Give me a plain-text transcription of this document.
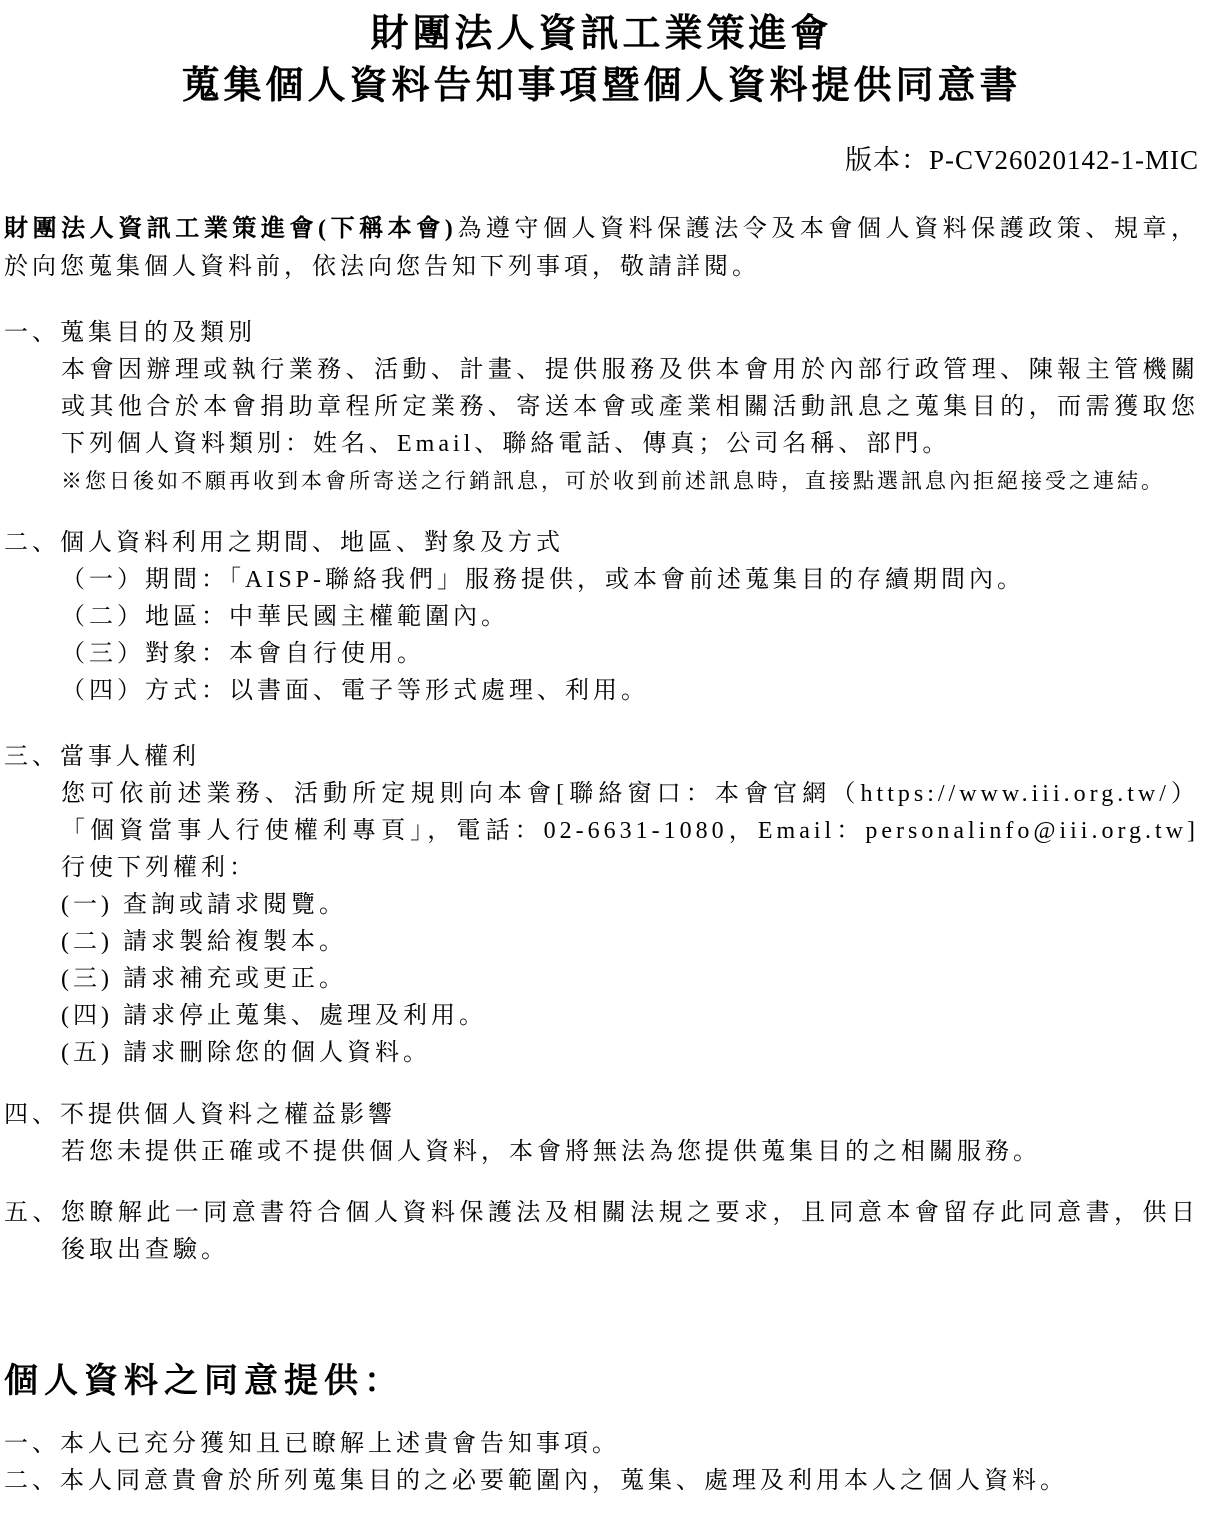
財團法人資訊工業策進會
蒐集個人資料告知事項暨個人資料提供同意書
版本：P-CV26020142-1-MIC

財團法人資訊工業策進會(下稱本會)為遵守個人資料保護法令及本會個人資料保護政策、規章，於向您蒐集個人資料前，依法向您告知下列事項，敬請詳閱。

一、蒐集目的及類別

本會因辦理或執行業務、活動、計畫、提供服務及供本會用於內部行政管理、陳報主管機關或其他合於本會捐助章程所定業務、寄送本會或產業相關活動訊息之蒐集目的，而需獲取您下列個人資料類別：姓名、Email、聯絡電話、傳真；公司名稱、部門。

※您日後如不願再收到本會所寄送之行銷訊息，可於收到前述訊息時，直接點選訊息內拒絕接受之連結。

二、個人資料利用之期間、地區、對象及方式
（一）期間：「AISP-聯絡我們」服務提供，或本會前述蒐集目的存續期間內。
（二）地區：中華民國主權範圍內。
（三）對象：本會自行使用。
（四）方式：以書面、電子等形式處理、利用。
三、當事人權利

您可依前述業務、活動所定規則向本會[聯絡窗口：本會官網（https://www.iii.org.tw/）「個資當事人行使權利專頁」，電話：02-6631-1080，Email：personalinfo@iii.org.tw]行使下列權利：

(一) 查詢或請求閱覽。
(二) 請求製給複製本。
(三) 請求補充或更正。
(四) 請求停止蒐集、處理及利用。
(五) 請求刪除您的個人資料。
四、不提供個人資料之權益影響

若您未提供正確或不提供個人資料，本會將無法為您提供蒐集目的之相關服務。

五、您瞭解此一同意書符合個人資料保護法及相關法規之要求，且同意本會留存此同意書，供日後取出查驗。

個人資料之同意提供：
一、本人已充分獲知且已瞭解上述貴會告知事項。
二、本人同意貴會於所列蒐集目的之必要範圍內，蒐集、處理及利用本人之個人資料。
